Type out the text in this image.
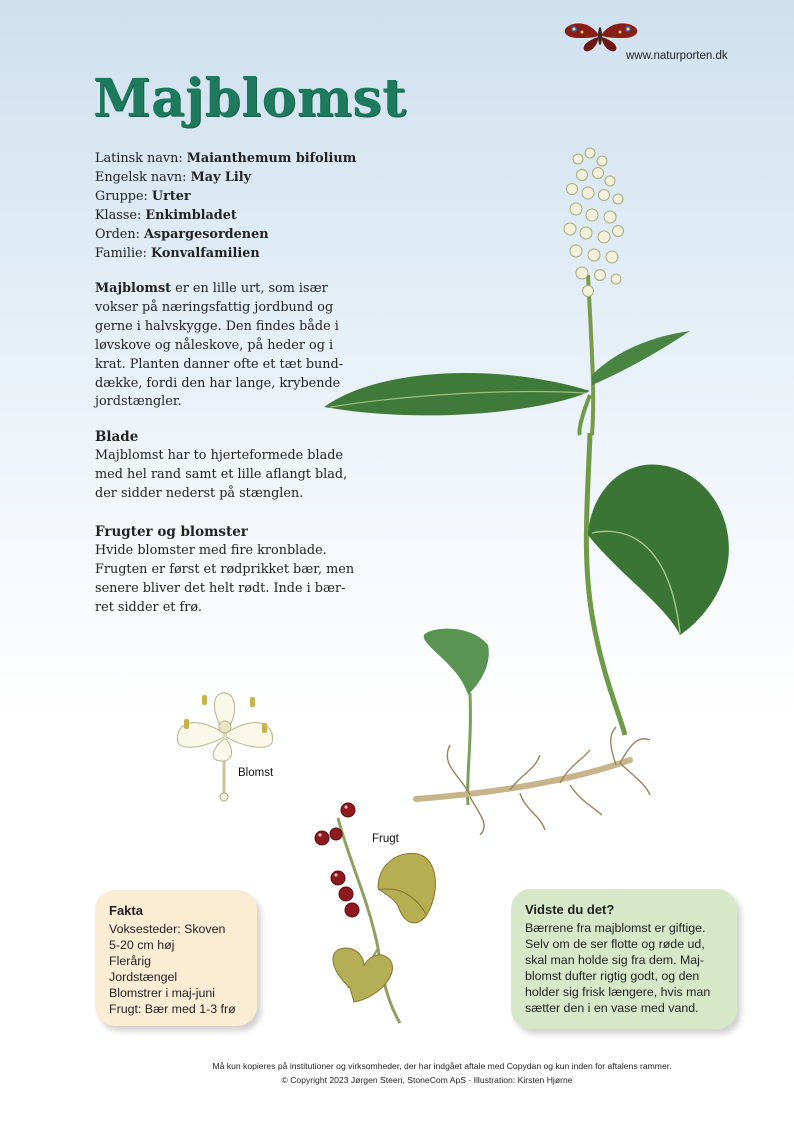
www.naturporten.dk
Majblomst
Latinsk navn: Maianthemum bifolium
Engelsk navn: May Lily
Gruppe: Urter
Klasse: Enkimbladet
Orden: Aspargesordenen
Familie: Konvalfamilien
Majblomst er en lille urt, som især
vokser på næringsfattig jordbund og
gerne i halvskygge. Den findes både i
løvskove og nåleskove, på heder og i
krat. Planten danner ofte et tæt bund-
dække, fordi den har lange, krybende
jordstængler.
Blade
Majblomst har to hjerteformede blade
med hel rand samt et lille aflangt blad,
der sidder nederst på stænglen.
Frugter og blomster
Hvide blomster med fire kronblade.
Frugten er først et rødprikket bær, men
senere bliver det helt rødt. Inde i bær-
ret sidder et frø.
Blomst
Frugt
Fakta
Voksesteder: Skoven
5-20 cm høj
Flerårig
Jordstængel
Blomstrer i maj-juni
Frugt: Bær med 1-3 frø
Vidste du det?
Bærrene fra majblomst er giftige.
Selv om de ser flotte og røde ud,
skal man holde sig fra dem. Maj-
blomst dufter rigtig godt, og den
holder sig frisk længere, hvis man
sætter den i en vase med vand.
Må kun kopieres på institutioner og virksomheder, der har indgået aftale med Copydan og kun inden for aftalens rammer.
© Copyright 2023 Jørgen Steen, StoneCom ApS · Illustration: Kirsten Hjørne
